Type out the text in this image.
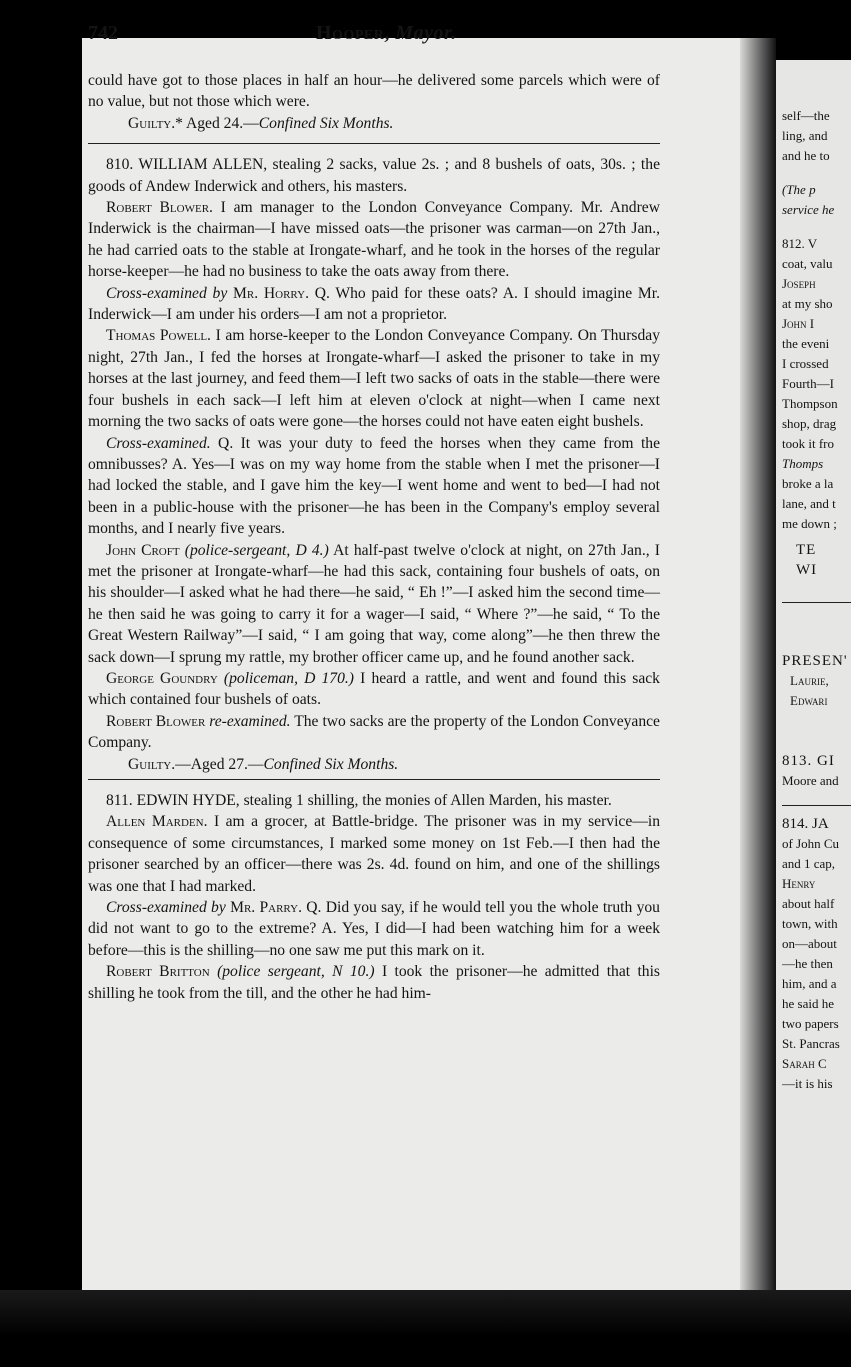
self—the
ling, and
and he to
(The p
service he
812. V
coat, valu
Joseph
at my sho
John I
the eveni
I crossed
Fourth—I
Thompson
shop, drag
took it fro
Thomps
broke a la
lane, and t
me down ;
TE
WI
PRESEN'
Laurie,
Edwari
813. GI
Moore and
814. JA
of John Cu
and 1 cap,
Henry
about half
town, with
on—about
—he then
him, and a
he said he
two papers
St. Pancras
Sarah C
—it is his
742	Hooper, Mayor.

could have got to those places in half an hour—he delivered some parcels which were of no value, but not those which were.

Guilty.* Aged 24.—Confined Six Months.

810. WILLIAM ALLEN, stealing 2 sacks, value 2s. ; and 8 bushels of oats, 30s. ; the goods of Andew Inderwick and others, his masters.

Robert Blower. I am manager to the London Conveyance Company. Mr. Andrew Inderwick is the chairman—I have missed oats—the prisoner was carman—on 27th Jan., he had carried oats to the stable at Irongate-wharf, and he took in the horses of the regular horse-keeper—he had no business to take the oats away from there.

Cross-examined by Mr. Horry. Q. Who paid for these oats? A. I should imagine Mr. Inderwick—I am under his orders—I am not a proprietor.

Thomas Powell. I am horse-keeper to the London Conveyance Company. On Thursday night, 27th Jan., I fed the horses at Irongate-wharf—I asked the prisoner to take in my horses at the last journey, and feed them—I left two sacks of oats in the stable—there were four bushels in each sack—I left him at eleven o'clock at night—when I came next morning the two sacks of oats were gone—the horses could not have eaten eight bushels.

Cross-examined. Q. It was your duty to feed the horses when they came from the omnibusses? A. Yes—I was on my way home from the stable when I met the prisoner—I had locked the stable, and I gave him the key—I went home and went to bed—I had not been in a public-house with the prisoner—he has been in the Company's employ several months, and I nearly five years.

John Croft (police-sergeant, D 4.) At half-past twelve o'clock at night, on 27th Jan., I met the prisoner at Irongate-wharf—he had this sack, containing four bushels of oats, on his shoulder—I asked what he had there—he said, “ Eh !”—I asked him the second time—he then said he was going to carry it for a wager—I said, “ Where ?”—he said, “ To the Great Western Railway”—I said, “ I am going that way, come along”—he then threw the sack down—I sprung my rattle, my brother officer came up, and he found another sack.

George Goundry (policeman, D 170.) I heard a rattle, and went and found this sack which contained four bushels of oats.

Robert Blower re-examined. The two sacks are the property of the London Conveyance Company.

Guilty.—Aged 27.—Confined Six Months.

811. EDWIN HYDE, stealing 1 shilling, the monies of Allen Marden, his master.

Allen Marden. I am a grocer, at Battle-bridge. The prisoner was in my service—in consequence of some circumstances, I marked some money on 1st Feb.—I then had the prisoner searched by an officer—there was 2s. 4d. found on him, and one of the shillings was one that I had marked.

Cross-examined by Mr. Parry. Q. Did you say, if he would tell you the whole truth you did not want to go to the extreme? A. Yes, I did—I had been watching him for a week before—this is the shilling—no one saw me put this mark on it.

Robert Britton (police sergeant, N 10.) I took the prisoner—he admitted that this shilling he took from the till, and the other he had him-
